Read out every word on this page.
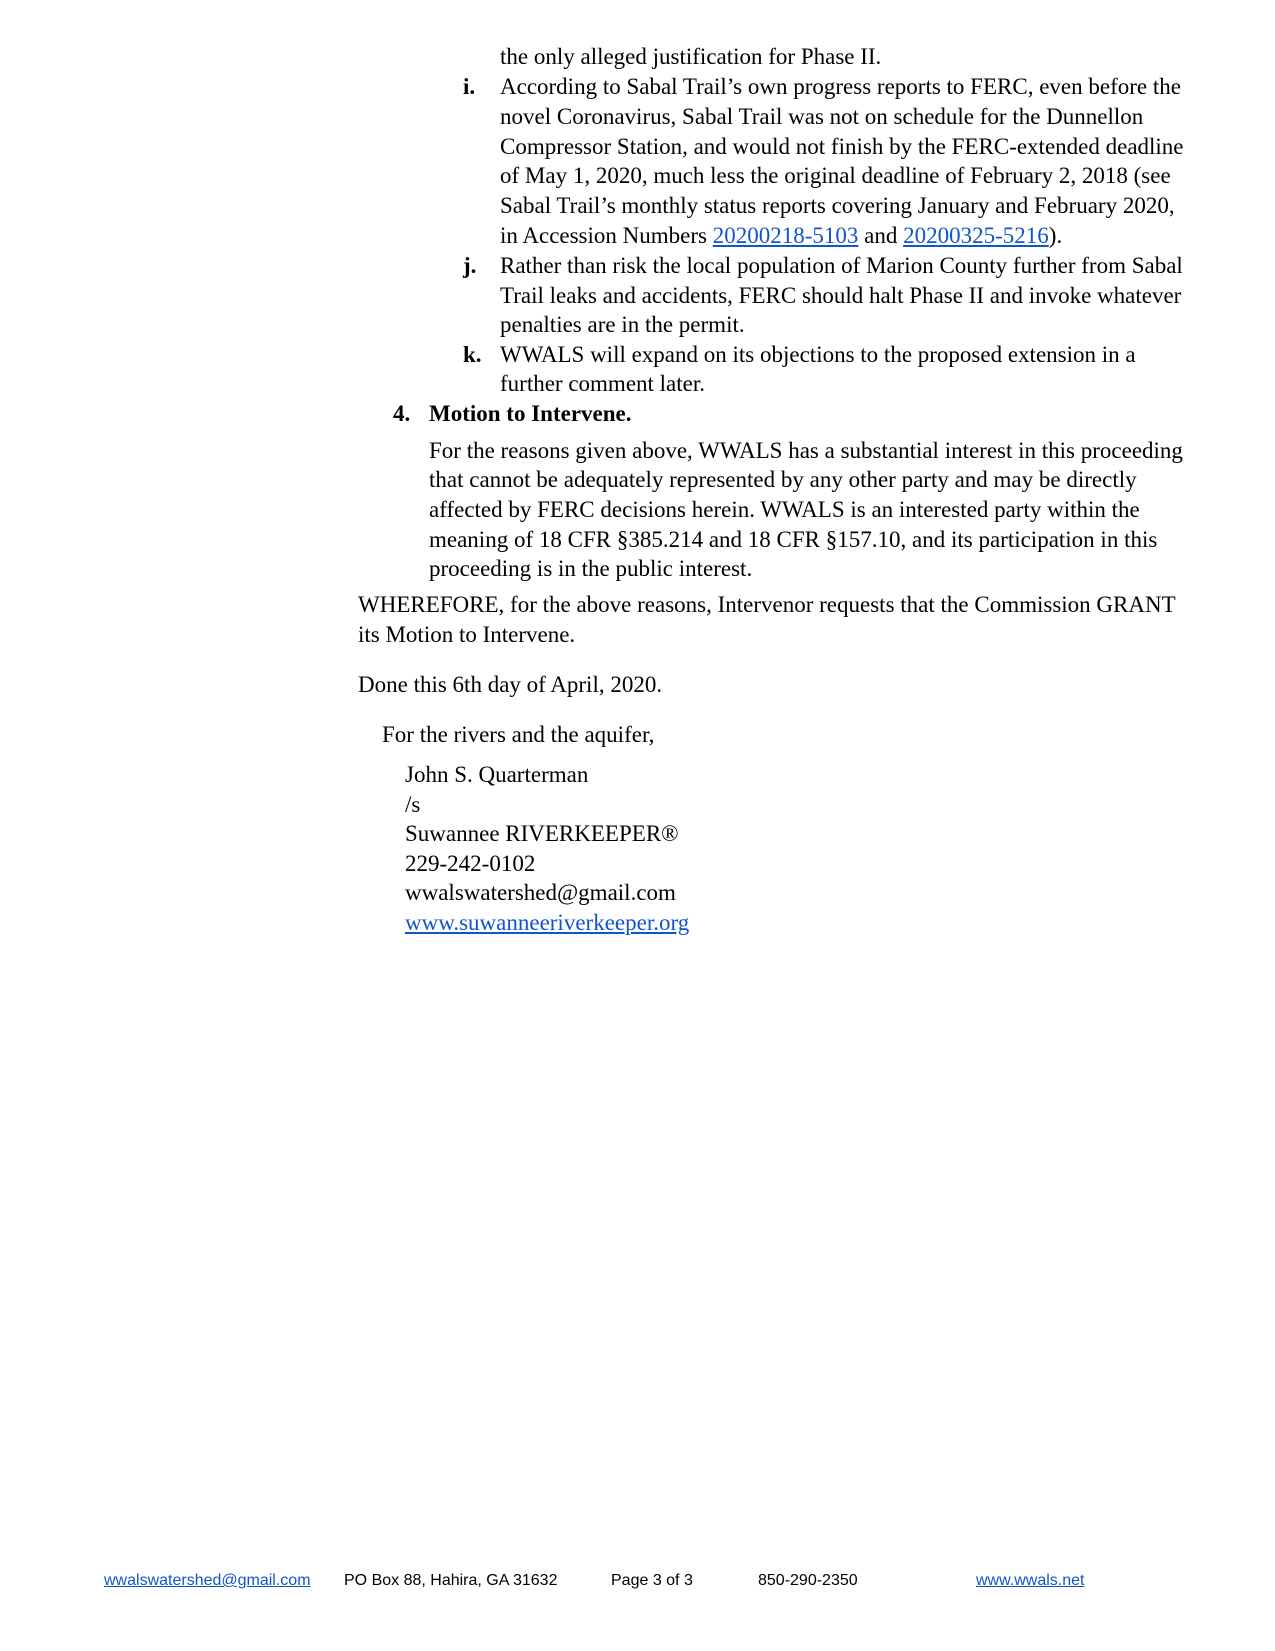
the only alleged justification for Phase II.
i. According to Sabal Trail’s own progress reports to FERC, even before the
novel Coronavirus, Sabal Trail was not on schedule for the Dunnellon
Compressor Station, and would not finish by the FERC-extended deadline
of May 1, 2020, much less the original deadline of February 2, 2018 (see
Sabal Trail’s monthly status reports covering January and February 2020,
in Accession Numbers 20200218-5103 and 20200325-5216).
j. Rather than risk the local population of Marion County further from Sabal
Trail leaks and accidents, FERC should halt Phase II and invoke whatever
penalties are in the permit.
k. WWALS will expand on its objections to the proposed extension in a
further comment later.
4. Motion to Intervene.
For the reasons given above, WWALS has a substantial interest in this proceeding
that cannot be adequately represented by any other party and may be directly
affected by FERC decisions herein. WWALS is an interested party within the
meaning of 18 CFR §385.214 and 18 CFR §157.10, and its participation in this
proceeding is in the public interest.
WHEREFORE, for the above reasons, Intervenor requests that the Commission GRANT
its Motion to Intervene.
Done this 6th day of April, 2020.
For the rivers and the aquifer,
John S. Quarterman
/s
Suwannee RIVERKEEPER®
229-242-0102
wwalswatershed@gmail.com
www.suwanneeriverkeeper.org
wwalswatershed@gmail.com PO Box 88, Hahira, GA 31632	Page 3 of 3	850-290-2350	www.wwals.net
